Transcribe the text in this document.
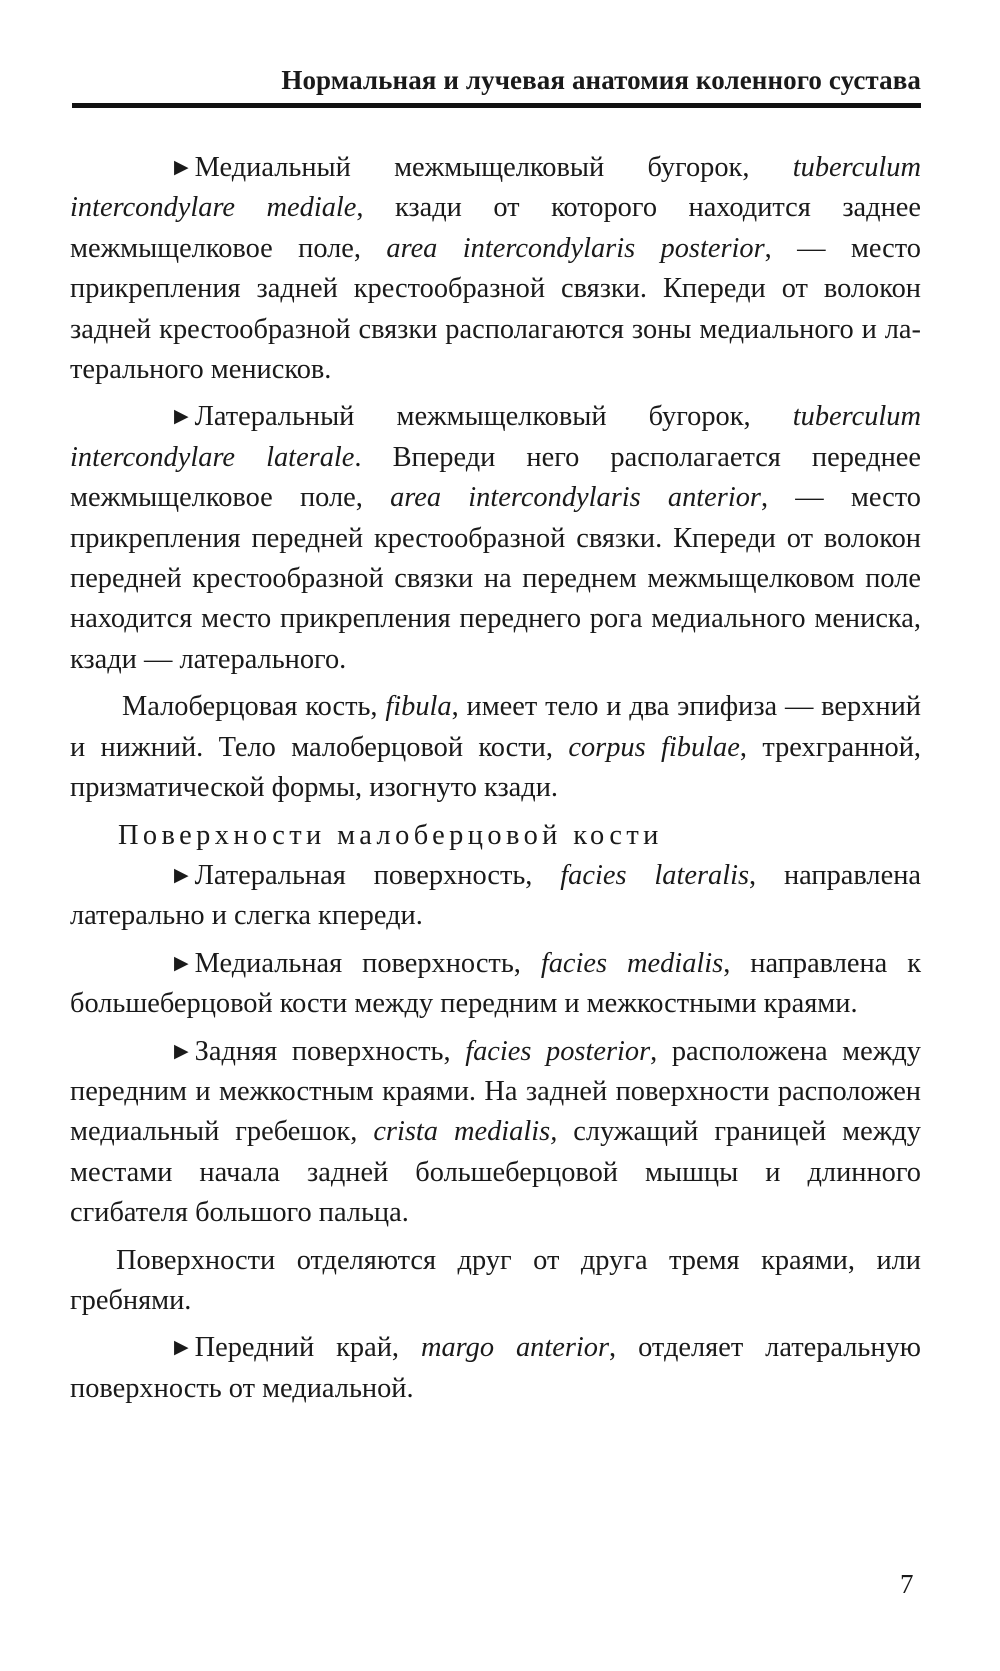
Нормальная и лучевая анатомия коленного сустава

▶ Медиальный межмыщелковый бугорок, tuberculum intercondylare mediale, кзади от которого находится заднее межмыщелковое поле, area intercondylaris posterior, — место прикрепления задней крестообразной связки. Кпереди от волокон задней крестообразной связки располагаются зоны медиального и латерального менисков.

▶ Латеральный межмыщелковый бугорок, tuberculum intercondylare laterale. Впереди него располагается переднее межмыщелковое поле, area intercondylaris anterior, — место прикрепления передней крестообразной связки. Кпереди от волокон передней крестообразной связки на переднем межмыщелковом поле находится место прикрепления переднего рога медиального мениска, кзади — латерального.

Малоберцовая кость, fibula, имеет тело и два эпифиза — верхний и нижний. Тело малоберцовой кости, corpus fibulae, трехгранной, призматической формы, изогнуто кзади.

Поверхности малоберцовой кости

▶ Латеральная поверхность, facies lateralis, направлена латерально и слегка кпереди.

▶ Медиальная поверхность, facies medialis, направлена к большеберцовой кости между передним и межкостными краями.

▶ Задняя поверхность, facies posterior, расположена между передним и межкостным краями. На задней поверхности расположен медиальный гребешок, crista medialis, служащий границей между местами начала задней большеберцовой мышцы и длинного сгибателя большого пальца.

Поверхности отделяются друг от друга тремя краями, или гребнями.

▶ Передний край, margo anterior, отделяет латеральную поверхность от медиальной.

7
